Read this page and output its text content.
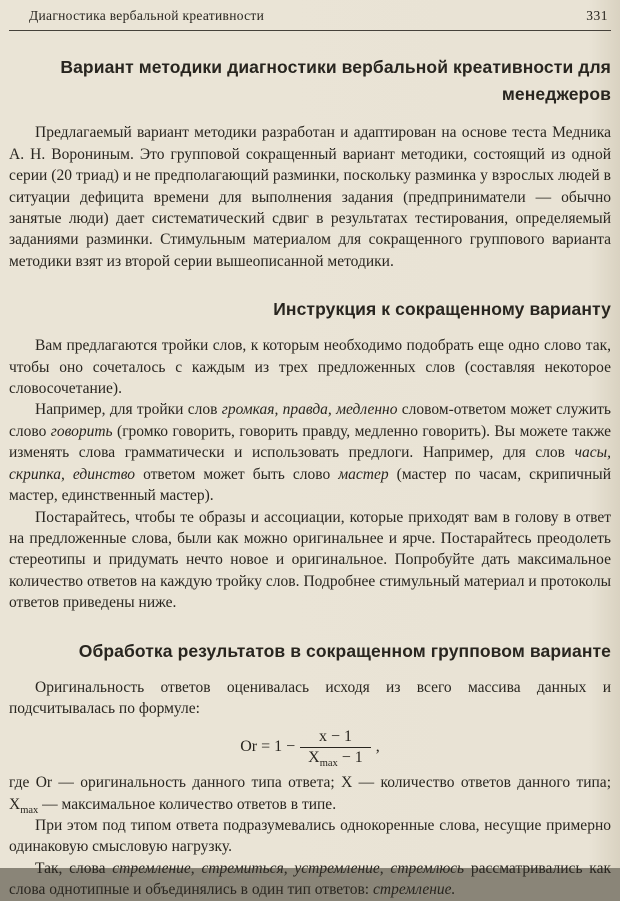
Диагностика вербальной креативности	331
Вариант методики диагностики вербальной креативности для менеджеров

Предлагаемый вариант методики разработан и адаптирован на основе теста Медника А. Н. Ворониным. Это групповой сокращенный вариант методики, состоящий из одной серии (20 триад) и не предполагающий разминки, поскольку разминка у взрослых людей в ситуации дефицита времени для выполнения задания (предприниматели — обычно занятые люди) дает систематический сдвиг в результатах тестирования, определяемый заданиями разминки. Стимульным материалом для сокращенного группового варианта методики взят из второй серии вышеописанной методики.

Инструкция к сокращенному варианту

Вам предлагаются тройки слов, к которым необходимо подобрать еще одно слово так, чтобы оно сочеталось с каждым из трех предложенных слов (составляя некоторое словосочетание).

Например, для тройки слов громкая, правда, медленно словом-ответом может служить слово говорить (громко говорить, говорить правду, медленно говорить). Вы можете также изменять слова грамматически и использовать предлоги. Например, для слов часы, скрипка, единство ответом может быть слово мастер (мастер по часам, скрипичный мастер, единственный мастер).

Постарайтесь, чтобы те образы и ассоциации, которые приходят вам в голову в ответ на предложенные слова, были как можно оригинальнее и ярче. Постарайтесь преодолеть стереотипы и придумать нечто новое и оригинальное. Попробуйте дать максимальное количество ответов на каждую тройку слов. Подробнее стимульный материал и протоколы ответов приведены ниже.

Обработка результатов в сокращенном групповом варианте

Оригинальность ответов оценивалась исходя из всего массива данных и подсчитывалась по формуле:

$Or = 1 - \frac{x - 1}{X_{max} - 1}$ ,

где Or — оригинальность данного типа ответа; X — количество ответов данного типа; $X_{max}$ — максимальное количество ответов в типе.

При этом под типом ответа подразумевались однокоренные слова, несущие примерно одинаковую смысловую нагрузку.

Так, слова стремление, стремиться, устремление, стремлюсь рассматривались как слова однотипные и объединялись в один тип ответов: стремление.
